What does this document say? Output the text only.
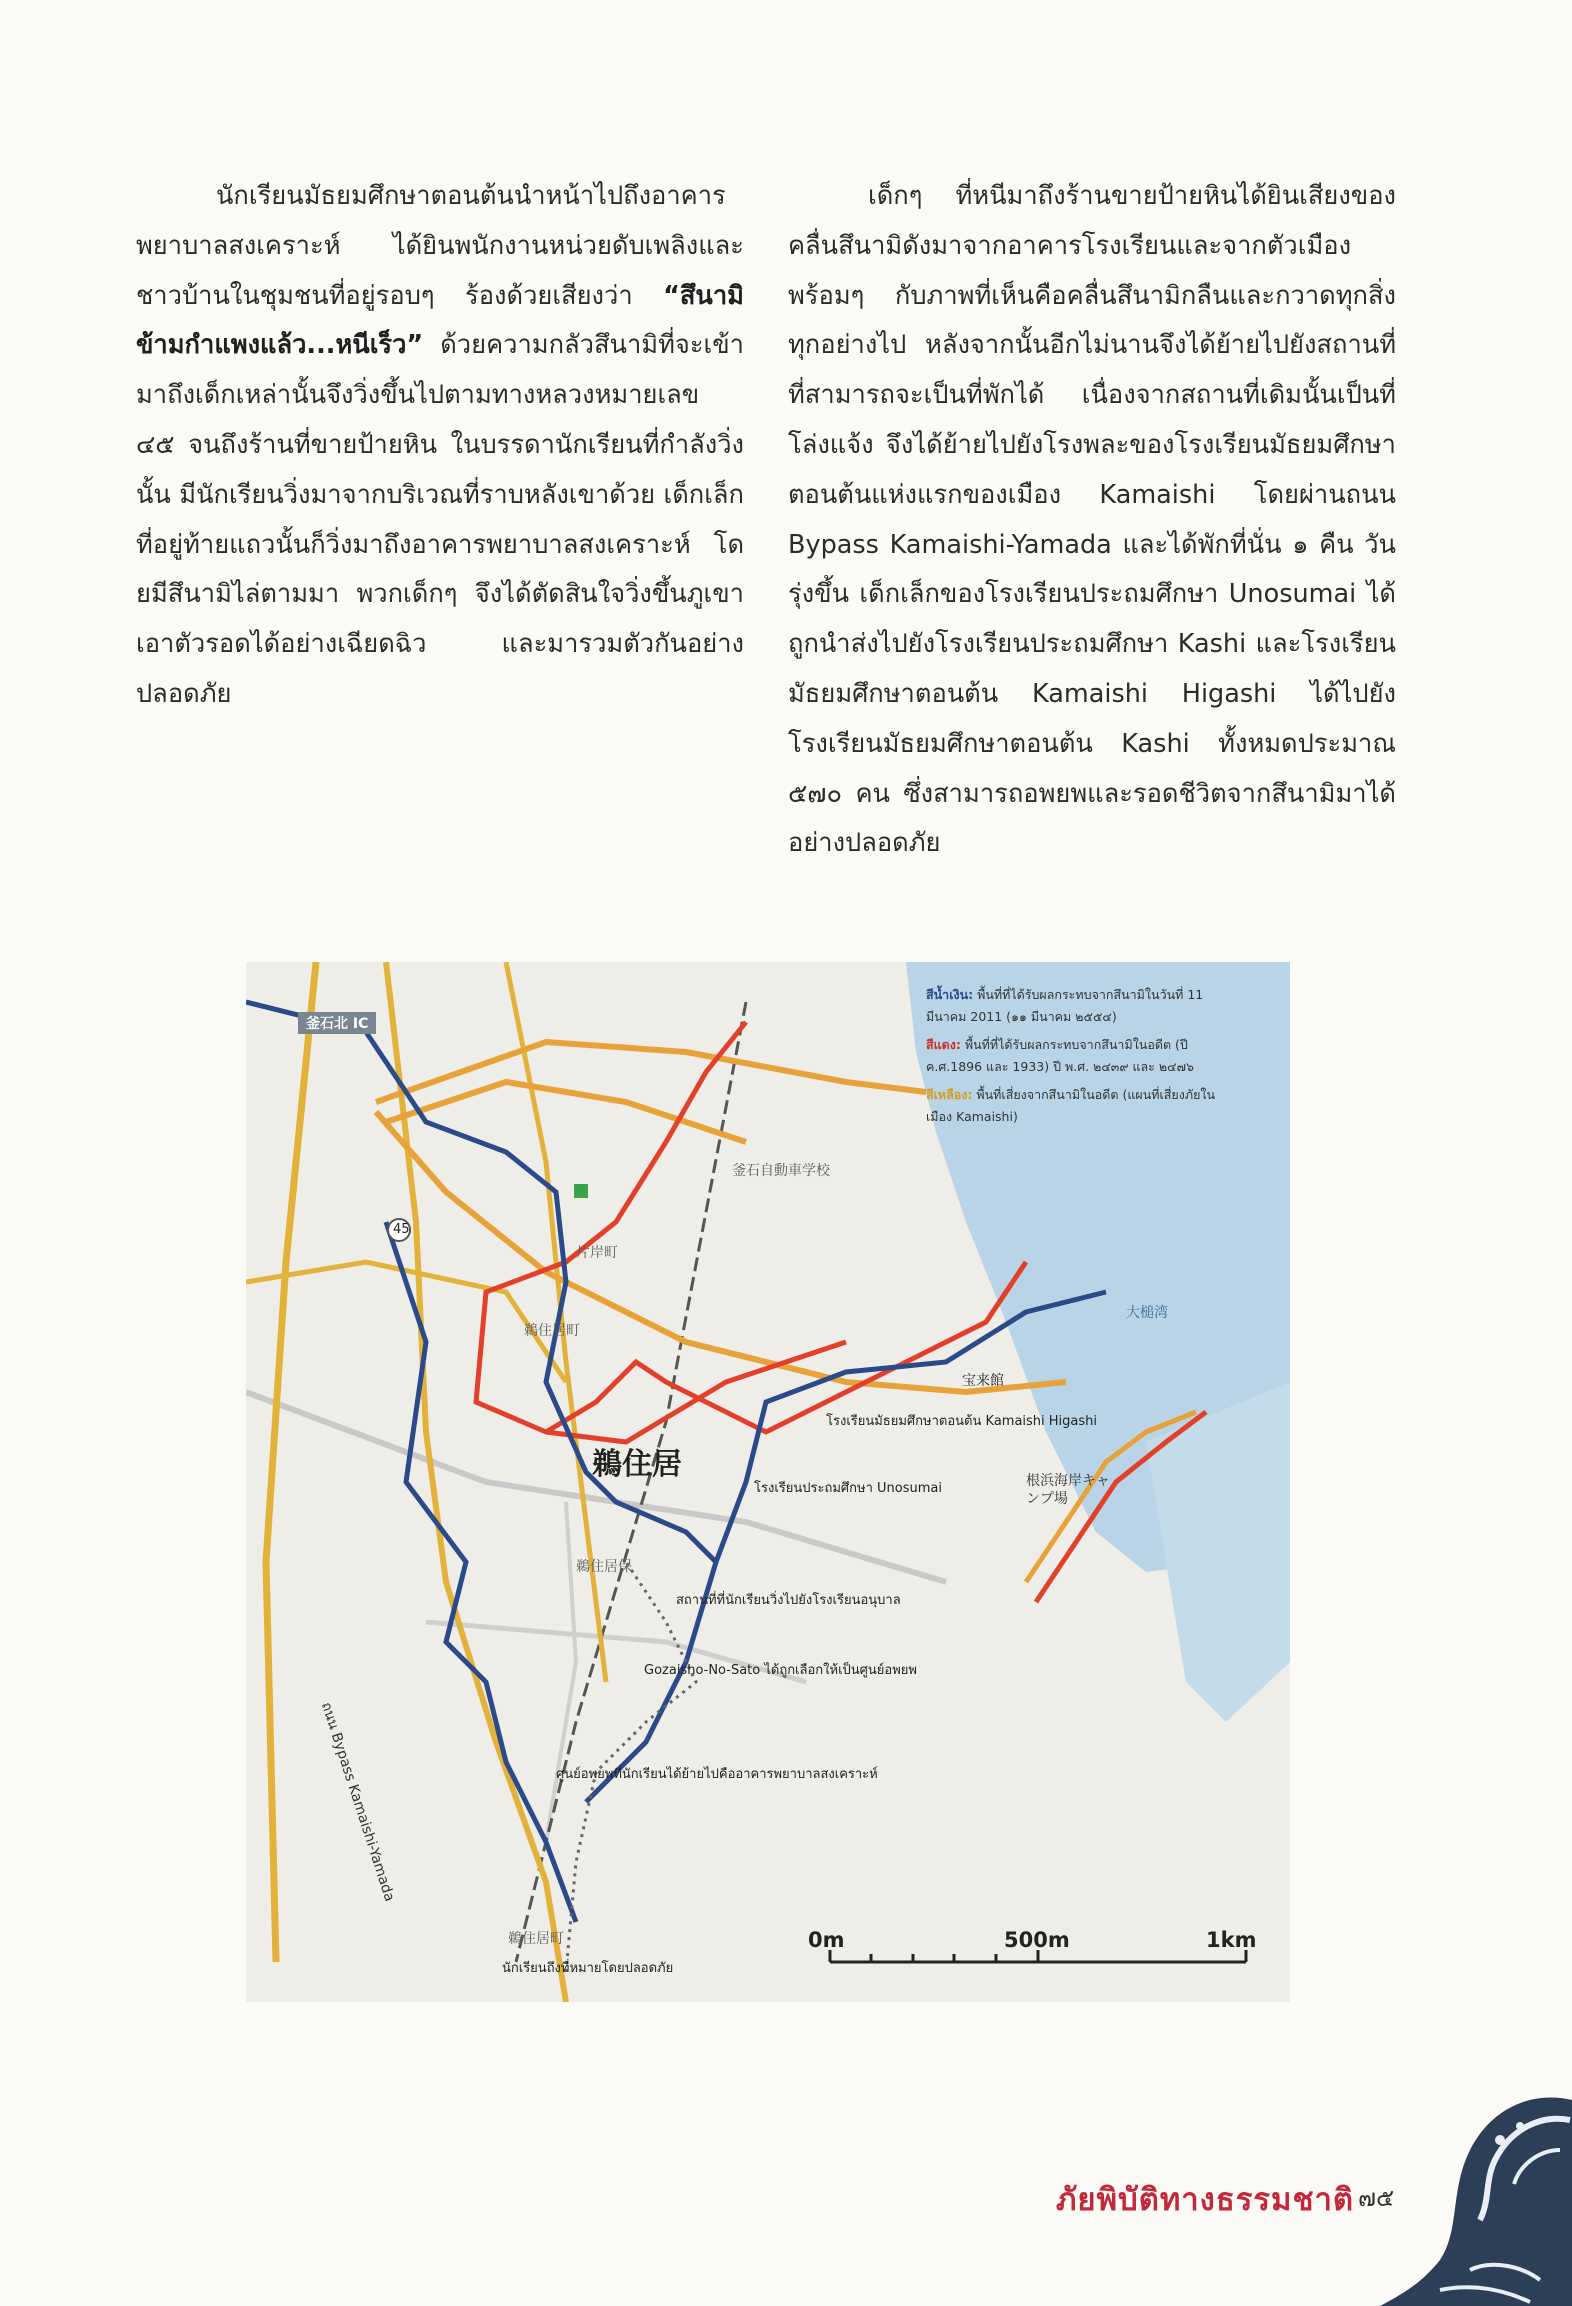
นักเรียนมัธยมศึกษาตอนต้นนำหน้าไปถึงอาคารพยาบาลสงเคราะห์ ได้ยินพนักงานหน่วยดับเพลิงและชาวบ้านในชุมชนที่อยู่รอบๆ ร้องด้วยเสียงว่า “สึนามิข้ามกำแพงแล้ว...หนีเร็ว” ด้วยความกลัวสึนามิที่จะเข้ามาถึงเด็กเหล่านั้นจึงวิ่งขึ้นไปตามทางหลวงหมายเลข ๔๕ จนถึงร้านที่ขายป้ายหิน ในบรรดานักเรียนที่กำลังวิ่งนั้น มีนักเรียนวิ่งมาจากบริเวณที่ราบหลังเขาด้วย เด็กเล็กที่อยู่ท้ายแถวนั้นก็วิ่งมาถึงอาคารพยาบาลสงเคราะห์ โดยมีสึนามิไล่ตามมา พวกเด็กๆ จึงได้ตัดสินใจวิ่งขึ้นภูเขา เอาตัวรอดได้อย่างเฉียดฉิว และมารวมตัวกันอย่างปลอดภัย

เด็กๆ ที่หนีมาถึงร้านขายป้ายหินได้ยินเสียงของคลื่นสึนามิดังมาจากอาคารโรงเรียนและจากตัวเมือง พร้อมๆ กับภาพที่เห็นคือคลื่นสึนามิกลืนและกวาดทุกสิ่งทุกอย่างไป หลังจากนั้นอีกไม่นานจึงได้ย้ายไปยังสถานที่ที่สามารถจะเป็นที่พักได้ เนื่องจากสถานที่เดิมนั้นเป็นที่โล่งแจ้ง จึงได้ย้ายไปยังโรงพละของโรงเรียนมัธยมศึกษาตอนต้นแห่งแรกของเมือง Kamaishi โดยผ่านถนน Bypass Kamaishi-Yamada และได้พักที่นั่น ๑ คืน วันรุ่งขึ้น เด็กเล็กของโรงเรียนประถมศึกษา Unosumai ได้ถูกนำส่งไปยังโรงเรียนประถมศึกษา Kashi และโรงเรียนมัธยมศึกษาตอนต้น Kamaishi Higashi ได้ไปยังโรงเรียนมัธยมศึกษาตอนต้น Kashi ทั้งหมดประมาณ ๕๗๐ คน ซึ่งสามารถอพยพและรอดชีวิตจากสึนามิมาได้อย่างปลอดภัย

釜石北 IC
45
釜石自動車学校
片岸町
鵜住居町
鵜住居
大槌湾
宝来館
根浜海岸キャンプ場
โรงเรียนมัธยมศึกษาตอนต้น Kamaishi Higashi
โรงเรียนประถมศึกษา Unosumai
鵜住居保
สถานที่ที่นักเรียนวิ่งไปยังโรงเรียนอนุบาล
Gozaisho-No-Sato ได้ถูกเลือกให้เป็นศูนย์อพยพ
ศูนย์อพยพที่นักเรียนได้ย้ายไปคืออาคารพยาบาลสงเคราะห์
ถนน Bypass Kamaishi-Yamada
鵜住居町
นักเรียนถึงที่หมายโดยปลอดภัย
สีน้ำเงิน: พื้นที่ที่ได้รับผลกระทบจากสึนามิในวันที่ 11 มีนาคม 2011 (๑๑ มีนาคม ๒๕๕๔)
สีแดง: พื้นที่ที่ได้รับผลกระทบจากสึนามิในอดีต (ปี ค.ศ.1896 และ 1933) ปี พ.ศ. ๒๔๓๙ และ ๒๔๗๖
สีเหลือง: พื้นที่เสี่ยงจากสึนามิในอดีต (แผนที่เสี่ยงภัยในเมือง Kamaishi)
0m	500m	1km
ภัยพิบัติทางธรรมชาติ ๗๕
